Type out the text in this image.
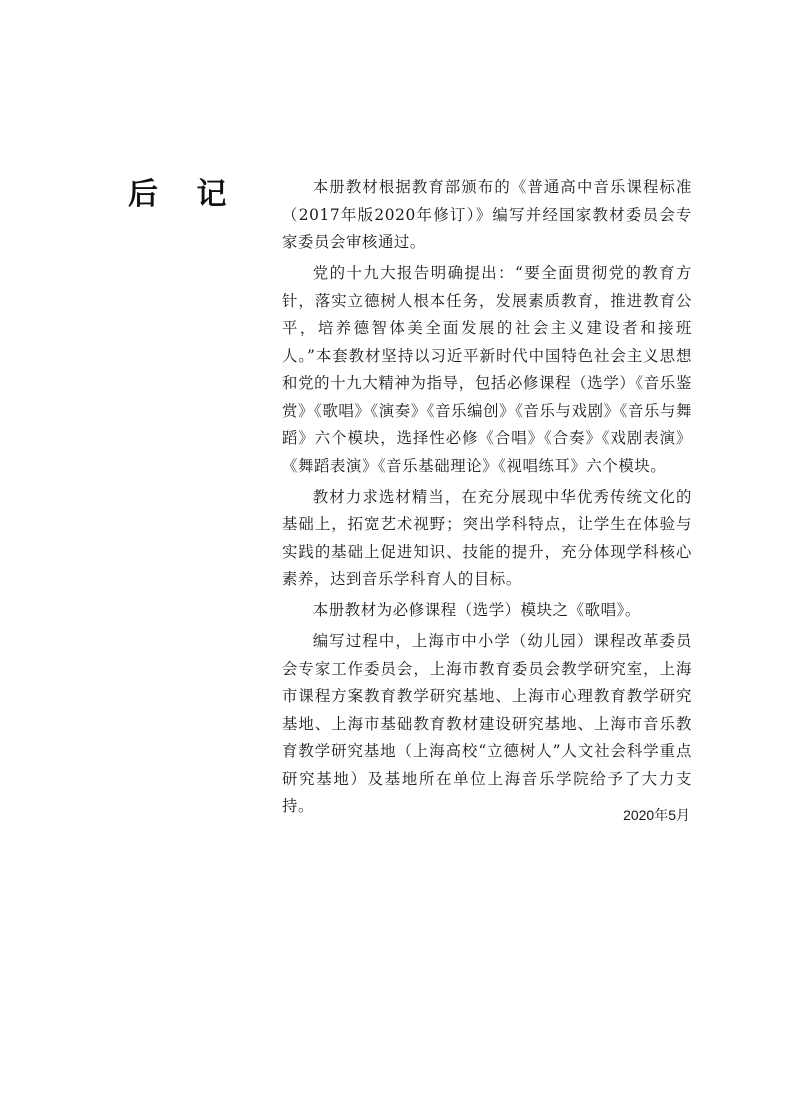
后 记	本册教材根据教育部颁布的《普通高中音乐课程标准（2017年版2020年修订）》编写并经国家教材委员会专家委员会审核通过。

党的十九大报告明确提出：“要全面贯彻党的教育方针，落实立德树人根本任务，发展素质教育，推进教育公平，培养德智体美全面发展的社会主义建设者和接班人。”本套教材坚持以习近平新时代中国特色社会主义思想和党的十九大精神为指导，包括必修课程（选学）《音乐鉴赏》《歌唱》《演奏》《音乐编创》《音乐与戏剧》《音乐与舞蹈》六个模块，选择性必修《合唱》《合奏》《戏剧表演》《舞蹈表演》《音乐基础理论》《视唱练耳》六个模块。

教材力求选材精当，在充分展现中华优秀传统文化的基础上，拓宽艺术视野；突出学科特点，让学生在体验与实践的基础上促进知识、技能的提升，充分体现学科核心素养，达到音乐学科育人的目标。

本册教材为必修课程（选学）模块之《歌唱》。

编写过程中，上海市中小学（幼儿园）课程改革委员会专家工作委员会，上海市教育委员会教学研究室，上海市课程方案教育教学研究基地、上海市心理教育教学研究基地、上海市基础教育教材建设研究基地、上海市音乐教育教学研究基地（上海高校“立德树人”人文社会科学重点研究基地）及基地所在单位上海音乐学院给予了大力支持。	2020年5月
